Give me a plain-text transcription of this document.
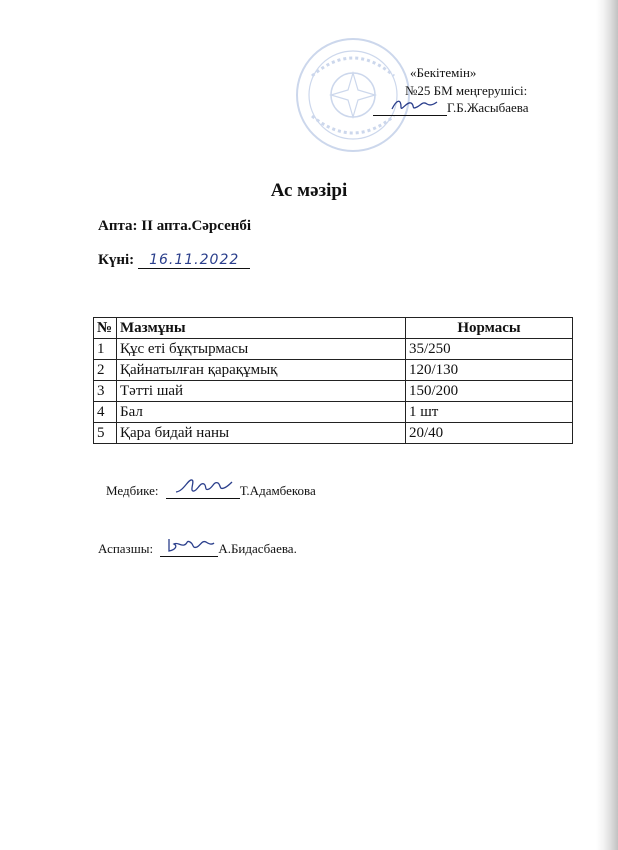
«Бекітемін»
№25 БМ меңгерушісі:
Г.Б.Жасыбаева
Ас мәзірі
Апта: II апта.Сәрсенбі
Күні: 16.11.2022
№	Мазмұны	Нормасы
1	Құс еті бұқтырмасы	35/250
2	Қайнатылған қарақұмық	120/130
3	Тәтті шай	150/200
4	Бал	1 шт
5	Қара бидай наны	20/40
Медбике:	Т.Адамбекова
Аспазшы:	А.Бидасбаева.
